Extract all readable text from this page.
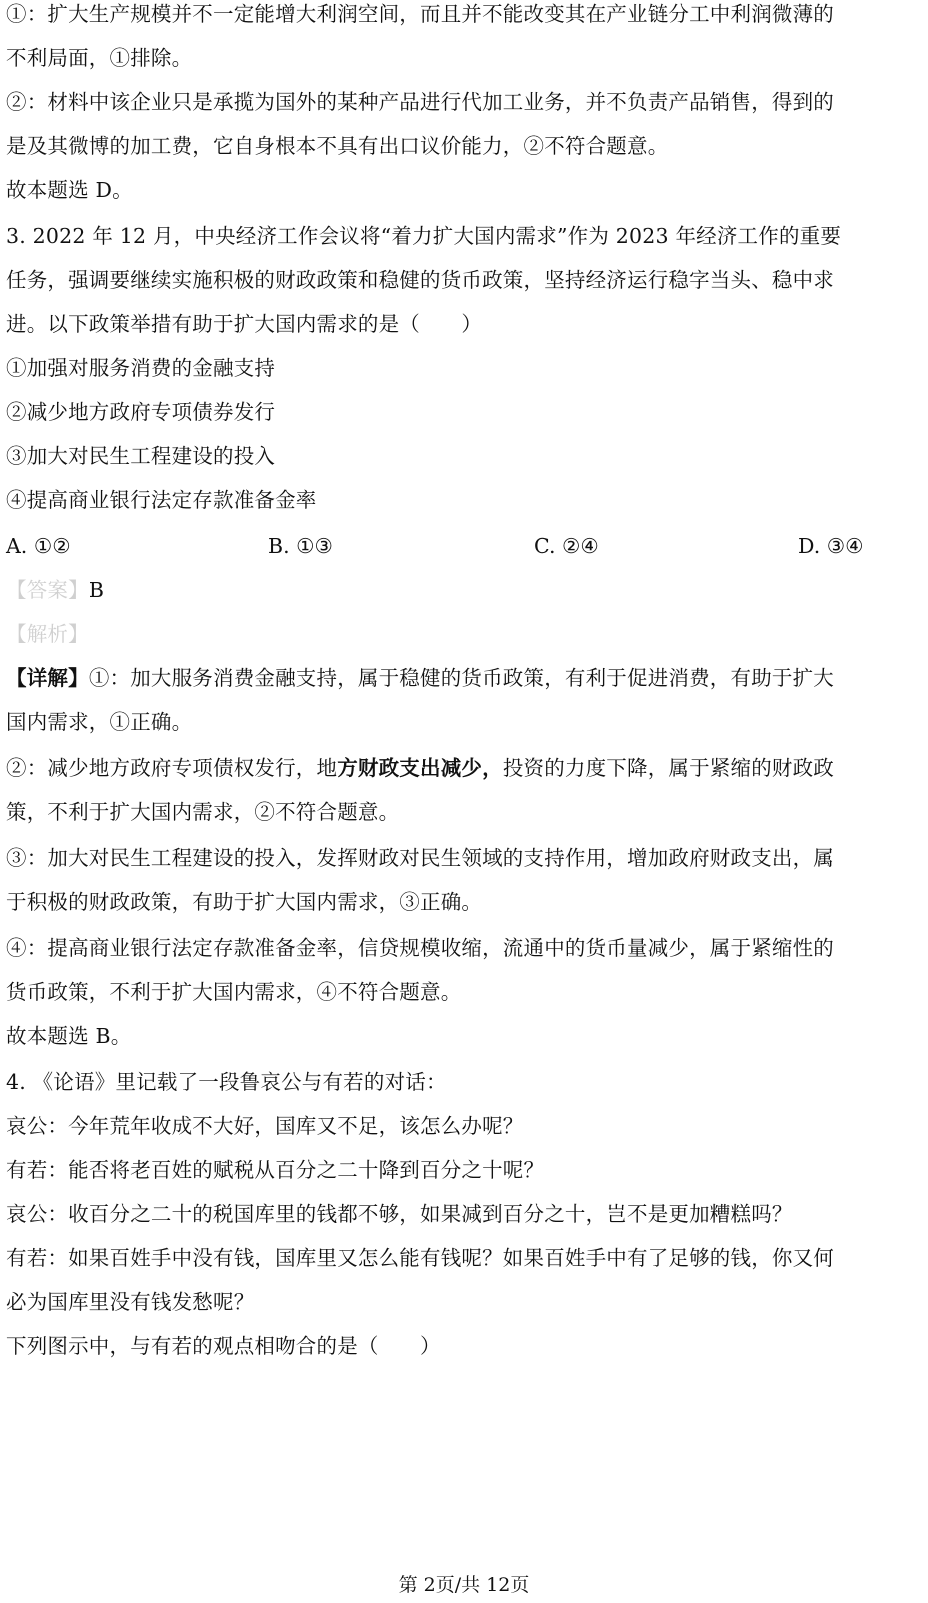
①：扩大生产规模并不一定能增大利润空间，而且并不能改变其在产业链分工中利润微薄的
不利局面，①排除。
②：材料中该企业只是承揽为国外的某种产品进行代加工业务，并不负责产品销售，得到的
是及其微博的加工费，它自身根本不具有出口议价能力，②不符合题意。
故本题选 D。
3. 2022 年 12 月，中央经济工作会议将“着力扩大国内需求”作为 2023 年经济工作的重要
任务，强调要继续实施积极的财政政策和稳健的货币政策，坚持经济运行稳字当头、稳中求
进。以下政策举措有助于扩大国内需求的是（　　）
①加强对服务消费的金融支持
②减少地方政府专项债券发行
③加大对民生工程建设的投入
④提高商业银行法定存款准备金率
A. ①②	B. ①③	C. ②④	D. ③④
【答案】B
【解析】
【详解】①：加大服务消费金融支持，属于稳健的货币政策，有利于促进消费，有助于扩大
国内需求，①正确。
②：减少地方政府专项债权发行，地方财政支出减少，投资的力度下降，属于紧缩的财政政
策，不利于扩大国内需求，②不符合题意。
③：加大对民生工程建设的投入，发挥财政对民生领域的支持作用，增加政府财政支出，属
于积极的财政政策，有助于扩大国内需求，③正确。
④：提高商业银行法定存款准备金率，信贷规模收缩，流通中的货币量减少，属于紧缩性的
货币政策，不利于扩大国内需求，④不符合题意。
故本题选 B。
4. 《论语》里记载了一段鲁哀公与有若的对话：
哀公：今年荒年收成不大好，国库又不足，该怎么办呢？
有若：能否将老百姓的赋税从百分之二十降到百分之十呢？
哀公：收百分之二十的税国库里的钱都不够，如果减到百分之十，岂不是更加糟糕吗？
有若：如果百姓手中没有钱，国库里又怎么能有钱呢？如果百姓手中有了足够的钱，你又何
必为国库里没有钱发愁呢？
下列图示中，与有若的观点相吻合的是（　　）
第 2页/共 12页
